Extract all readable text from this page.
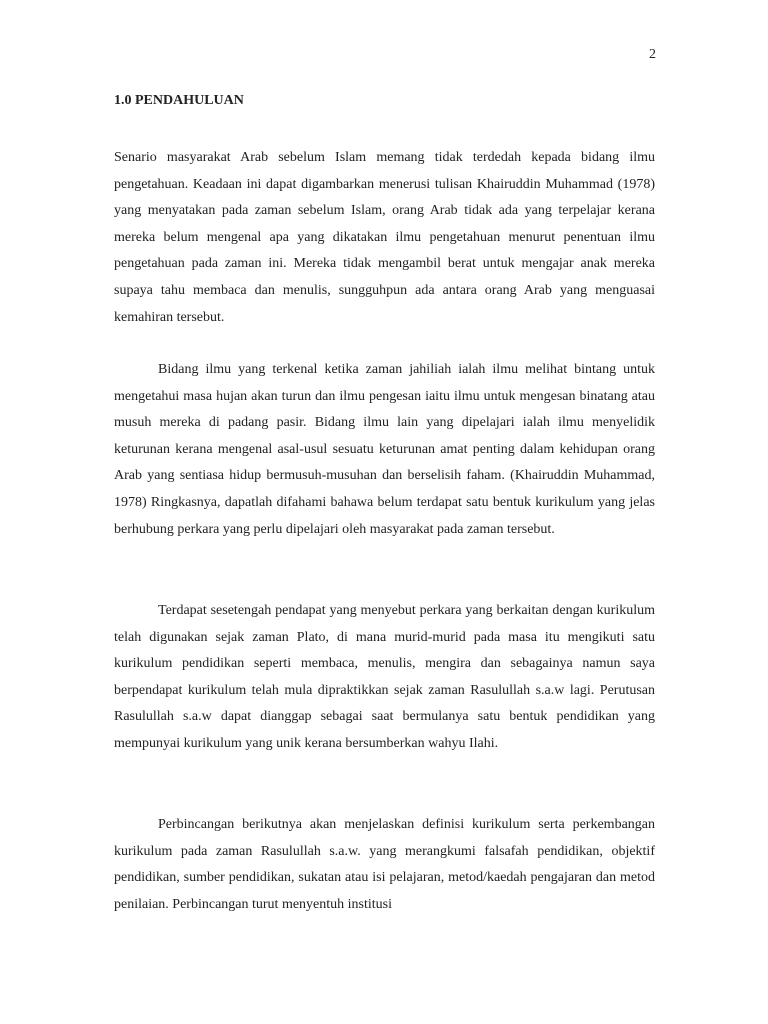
2
1.0 PENDAHULUAN

Senario masyarakat Arab sebelum Islam memang tidak terdedah kepada bidang ilmu pengetahuan. Keadaan ini dapat digambarkan menerusi tulisan Khairuddin Muhammad (1978) yang menyatakan pada zaman sebelum Islam, orang Arab tidak ada yang terpelajar kerana mereka belum mengenal apa yang dikatakan ilmu pengetahuan menurut penentuan ilmu pengetahuan pada zaman ini. Mereka tidak mengambil berat untuk mengajar anak mereka supaya tahu membaca dan menulis, sungguhpun ada antara orang Arab yang menguasai kemahiran tersebut.

Bidang ilmu yang terkenal ketika zaman jahiliah ialah ilmu melihat bintang untuk mengetahui masa hujan akan turun dan ilmu pengesan iaitu ilmu untuk mengesan binatang atau musuh mereka di padang pasir. Bidang ilmu lain yang dipelajari ialah ilmu menyelidik keturunan kerana mengenal asal-usul sesuatu keturunan amat penting dalam kehidupan orang Arab yang sentiasa hidup bermusuh-musuhan dan berselisih faham. (Khairuddin Muhammad, 1978) Ringkasnya, dapatlah difahami bahawa belum terdapat satu bentuk kurikulum yang jelas berhubung perkara yang perlu dipelajari oleh masyarakat pada zaman tersebut.

Terdapat sesetengah pendapat yang menyebut perkara yang berkaitan dengan kurikulum telah digunakan sejak zaman Plato, di mana murid-murid pada masa itu mengikuti satu kurikulum pendidikan seperti membaca, menulis, mengira dan sebagainya namun saya berpendapat kurikulum telah mula dipraktikkan sejak zaman Rasulullah s.a.w lagi. Perutusan Rasulullah s.a.w dapat dianggap sebagai saat bermulanya satu bentuk pendidikan yang mempunyai kurikulum yang unik kerana bersumberkan wahyu Ilahi.

Perbincangan berikutnya akan menjelaskan definisi kurikulum serta perkembangan kurikulum pada zaman Rasulullah s.a.w. yang merangkumi falsafah pendidikan, objektif pendidikan, sumber pendidikan, sukatan atau isi pelajaran, metod/kaedah pengajaran dan metod penilaian. Perbincangan turut menyentuh institusi
